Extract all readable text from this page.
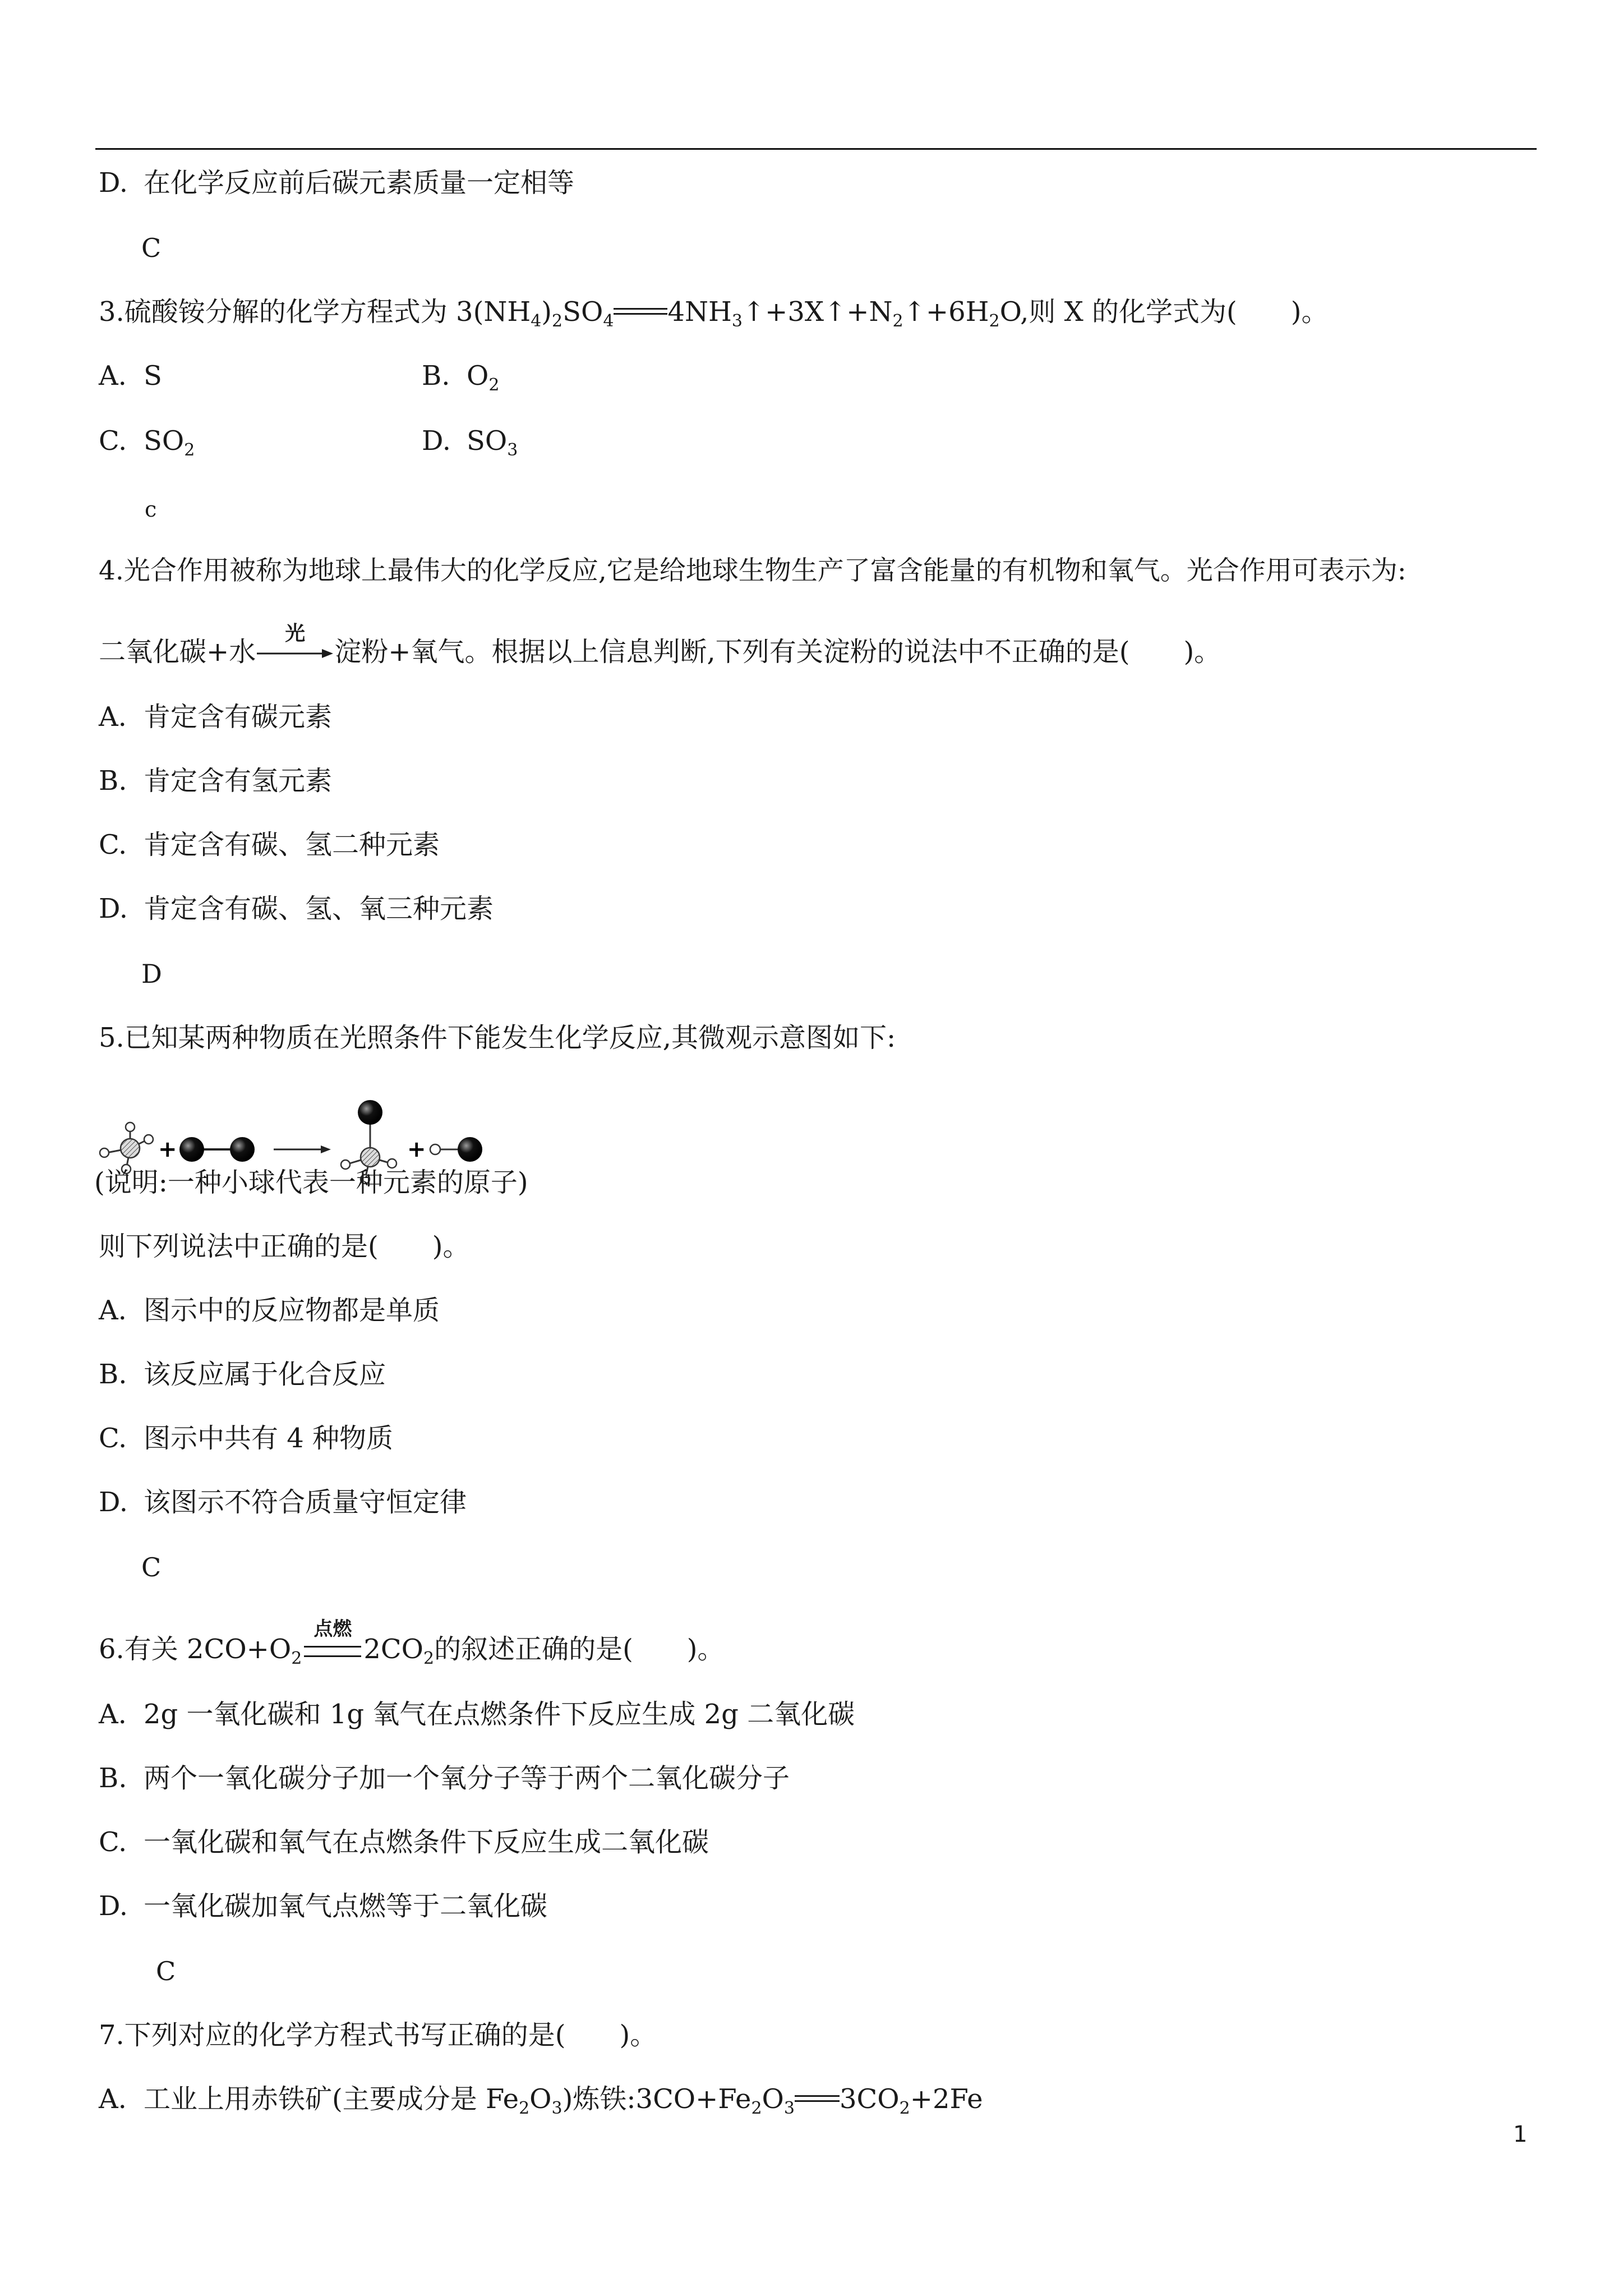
D. 在化学反应前后碳元素质量一定相等
C
3.硫酸铵分解的化学方程式为 $3(NH_4)_2SO_4$ $4NH_3↑+3X↑+N_2↑+6H_2O$,则 X 的化学式为(　　)。
A. S	B. $O_2$
C. $SO_2$	D. $SO_3$
c
4.光合作用被称为地球上最伟大的化学反应,它是给地球生物生产了富含能量的有机物和氧气。光合作用可表示为:
二氧化碳+水
光
淀粉+氧气。根据以上信息判断,下列有关淀粉的说法中不正确的是(　　)。
A. 肯定含有碳元素
B. 肯定含有氢元素
C. 肯定含有碳、氢二种元素
D. 肯定含有碳、氢、氧三种元素
D
5.已知某两种物质在光照条件下能发生化学反应,其微观示意图如下:
+	+
(说明:一种小球代表一种元素的原子)
则下列说法中正确的是(　　)。
A. 图示中的反应物都是单质
B. 该反应属于化合反应
C. 图示中共有 4 种物质
D. 该图示不符合质量守恒定律
C
6.有关 $2CO+O_2$
点燃
$2CO_2$的叙述正确的是(　　)。
A. 2g 一氧化碳和 1g 氧气在点燃条件下反应生成 2g 二氧化碳
B. 两个一氧化碳分子加一个氧分子等于两个二氧化碳分子
C. 一氧化碳和氧气在点燃条件下反应生成二氧化碳
D. 一氧化碳加氧气点燃等于二氧化碳
C
7.下列对应的化学方程式书写正确的是(　　)。
A. 工业上用赤铁矿(主要成分是 $Fe_2O_3$)炼铁$:3CO+Fe_2O_3$ $3CO_2+2Fe$
1
